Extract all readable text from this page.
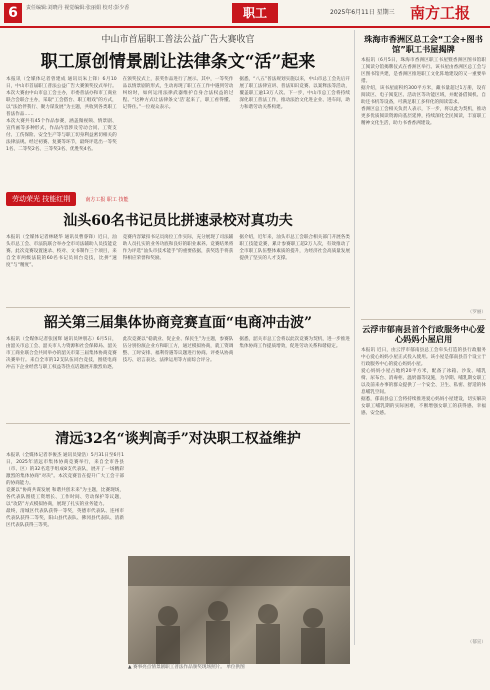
6	责任编辑:刘晓丹 视觉编辑:张丽娟 校对:彭少香	职工	2025年6月11日 星期三 南方工报
中山市首届职工普法公益广告大赛收官
职工原创情景剧让法律条文“活”起来

本报讯（全媒体记者曾建成 通讯员朱上锋）6月10日，中山市首届职工普法公益广告大赛颁奖仪式举行。本次大赛由中山市总工会主办，市委普法办和市工商业联合会联合主办，采取“工会搭台、职工唱戏”的方式，以“法治伴我行、聚力谋发展”为主题，共收到各类职工普法作品……

本次大赛共有45个作品参赛，涵盖微视频、情景剧、宣传画等多种形式，作品内容涉及劳动合同、工资支付、工伤保险、安全生产等与职工切身利益密切相关的法律法规。经过初赛、复赛等环节，最终评选出一等奖1名、二等奖2名、三等奖3名、优胜奖4名。

在颁奖仪式上，获奖作品进行了展示。其中，一等奖作品以情景剧的形式，生动再现了职工在工作中遇到劳动纠纷时，如何运用法律武器维护自身合法权益的过程。“这种方式让法律条文‘活’起来了，职工看得懂、记得住。”一位观众表示。

据悉，“八五”普法规划实施以来，中山市总工会先后开展了职工法律宣讲、普法知识竞赛、以案释法等活动，覆盖职工逾13万人次。下一步，中山市总工会将持续深化职工普法工作，推动法治文化进企业、进车间，助力和谐劳动关系构建。

劳动荣光 技能红荆	南方工报 职工 技能
汕头60名书记员比拼速录校对真功夫

本报讯（全媒体记者林晓华 通讯员曹睿锋）近日，汕头市总工会、市法院联合举办全市司法辅助人员技能竞赛。此次竞赛设置速录、校对、文书制作三个项目，来自全市两级法院的60名书记员同台竞技，比拼“速度”与“精度”。

竞赛内容紧扣书记员岗位工作实际，充分展现了司法辅助人员扎实的业务功底和良好的职业素养。竞赛结果将作为评选“汕头市技术能手”的重要依据，获奖选手将获得相应荣誉和奖励。

据介绍，近年来，汕头市总工会联合相关部门开展各类职工技能竞赛，累计参赛职工超2万人次，有效推动了全市职工队伍整体素质的提升，为经济社会高质量发展提供了坚实的人才支撑。

韶关第三届集体协商竞赛直面“电商冲击波”

本报讯（全媒体记者张国辉 通讯员钟朋志）6月5日，由韶关市总工会、韶关市人力资源和社会保障局、韶关市工商业联合会共同举办的韶关市第三届集体协商竞赛决赛举行。来自全市的12支队伍同台竞技，围绕电商冲击下企业经营与职工权益等热点话题展开激烈角逐。

此次竞赛以“稳就业、促企业、保民生”为主题，参赛队伍分别扮演企业方和职工方，通过模拟协商，就工资调整、工时安排、福利待遇等议题进行协商。评委从协商技巧、语言表达、法律运用等方面综合评分。

据悉，韶关市总工会将以此次竞赛为契机，进一步推进集体协商工作提质增效，促进劳动关系和谐稳定。

清远32名“谈判高手”对决职工权益维护

本报讯（全媒体记者李俊杰 通讯员梁浩）5月31日至6月1日，2025年清远市集体协商竞赛举行，来自全市各县（市、区）的32名选手组成8支代表队，展开了一场精彩激烈的集体协商“对决”。本次竞赛旨在提升广大工会干部的协商能力。

竞赛以“协商共谋发展 和谐共创未来”为主题，比赛现场，各代表队围绕工资增长、工作时间、劳动保护等议题，以“攻防”方式模拟协商，展现了扎实的业务能力。

最终，清城区代表队获得一等奖，英德市代表队、连州市代表队获得二等奖，阳山县代表队、佛冈县代表队、清新区代表队获得三等奖。

▲ 赛事亮点情景剧职工普法作品颁奖现场照片。 单位供图
珠海市香洲区总工会“工会+图书馆”职工书屋揭牌

本报讯（6月5日，珠海市香洲区职工书屋暨香洲区图书馆职工阅读分馆揭牌仪式在香洲区举行。该书屋由香洲区总工会与区图书馆共建，是香洲区推进职工文化阵地建设的又一重要举措。

据介绍，该书屋面积约300平方米，藏书量超过1万册，设有阅读区、电子阅览区、活动区等功能区域，并配备借阅机、自助还书机等设备，可满足职工多样化的阅读需求。

香洲区总工会相关负责人表示，下一步，将以此为契机，推动更多优质阅读资源向基层延伸，持续深化全民阅读，丰富职工精神文化生活，助力书香香洲建设。

（罗丽）
云浮市郁南县首个行政服务中心爱心妈妈小屋启用

本报讯 近日，由云浮市郁南县总工会牵头打造的县行政服务中心爱心妈妈小屋正式投入使用。该小屋是郁南县首个设立于行政服务中心的爱心妈妈小屋。

爱心妈妈小屋占地约20平方米，配备了冰箱、沙发、哺乳椅、尿布台、消毒柜、温奶器等设施，为孕期、哺乳期女职工以及前来办事的群众提供了一个安全、卫生、私密、舒适的休息哺乳空间。

据悉，郁南县总工会将持续推进爱心妈妈小屋建设，切实解决女职工哺乳期的实际困难，不断增强女职工的获得感、幸福感、安全感。

（郁宣）
